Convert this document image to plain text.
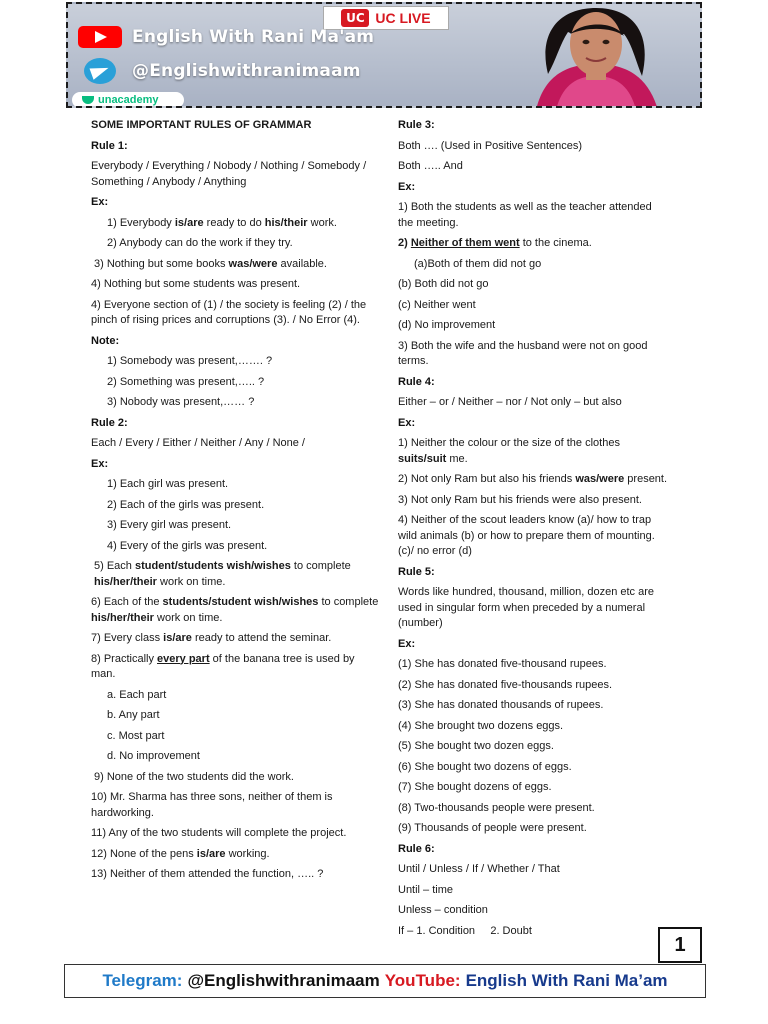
UC UC LIVE
English With Rani Ma'am
@Englishwithranimaam
unacademy
SOME IMPORTANT RULES OF GRAMMAR
Rule 1:
Everybody / Everything / Nobody / Nothing / Somebody / Something / Anybody / Anything
Ex:
1) Everybody is/are ready to do his/their work.
2) Anybody can do the work if they try.
3) Nothing but some books was/were available.
4) Nothing but some students was present.
4) Everyone section of (1) / the society is feeling (2) / the pinch of rising prices and corruptions (3). / No Error (4).
Note:
1) Somebody was present,……. ?
2) Something was present,….. ?
3) Nobody was present,…… ?
Rule 2:
Each / Every / Either / Neither / Any / None /
Ex:
1) Each girl was present.
2) Each of the girls was present.
3) Every girl was present.
4) Every of the girls was present.
5) Each student/students wish/wishes to complete his/her/their work on time.
6) Each of the students/student wish/wishes to complete his/her/their work on time.
7) Every class is/are ready to attend the seminar.
8) Practically every part of the banana tree is used by man.
a. Each part
b. Any part
c. Most part
d. No improvement
9) None of the two students did the work.
10) Mr. Sharma has three sons, neither of them is hardworking.
11) Any of the two students will complete the project.
12) None of the pens is/are working.
13) Neither of them attended the function, ….. ?
Rule 3:
Both …. (Used in Positive Sentences)
Both ….. And
Ex:
1) Both the students as well as the teacher attended the meeting.
2) Neither of them went to the cinema.
(a)Both of them did not go
(b) Both did not go
(c) Neither went
(d) No improvement
3) Both the wife and the husband were not on good terms.
Rule 4:
Either – or / Neither – nor / Not only – but also
Ex:
1) Neither the colour or the size of the clothes suits/suit me.
2) Not only Ram but also his friends was/were present.
3) Not only Ram but his friends were also present.
4) Neither of the scout leaders know (a)/ how to trap wild animals (b) or how to prepare them of mounting. (c)/ no error (d)
Rule 5:
Words like hundred, thousand, million, dozen etc are used in singular form when preceded by a numeral (number)
Ex:
(1) She has donated five-thousand rupees.
(2) She has donated five-thousands rupees.
(3) She has donated thousands of rupees.
(4) She brought two dozens eggs.
(5) She bought two dozen eggs.
(6) She bought two dozens of eggs.
(7) She bought dozens of eggs.
(8) Two-thousands people were present.
(9) Thousands of people were present.
Rule 6:
Until / Unless / If / Whether / That
Until – time
Unless – condition
If – 1. Condition     2. Doubt
1
Telegram: @Englishwithranimaam YouTube: English With Rani Ma’am
